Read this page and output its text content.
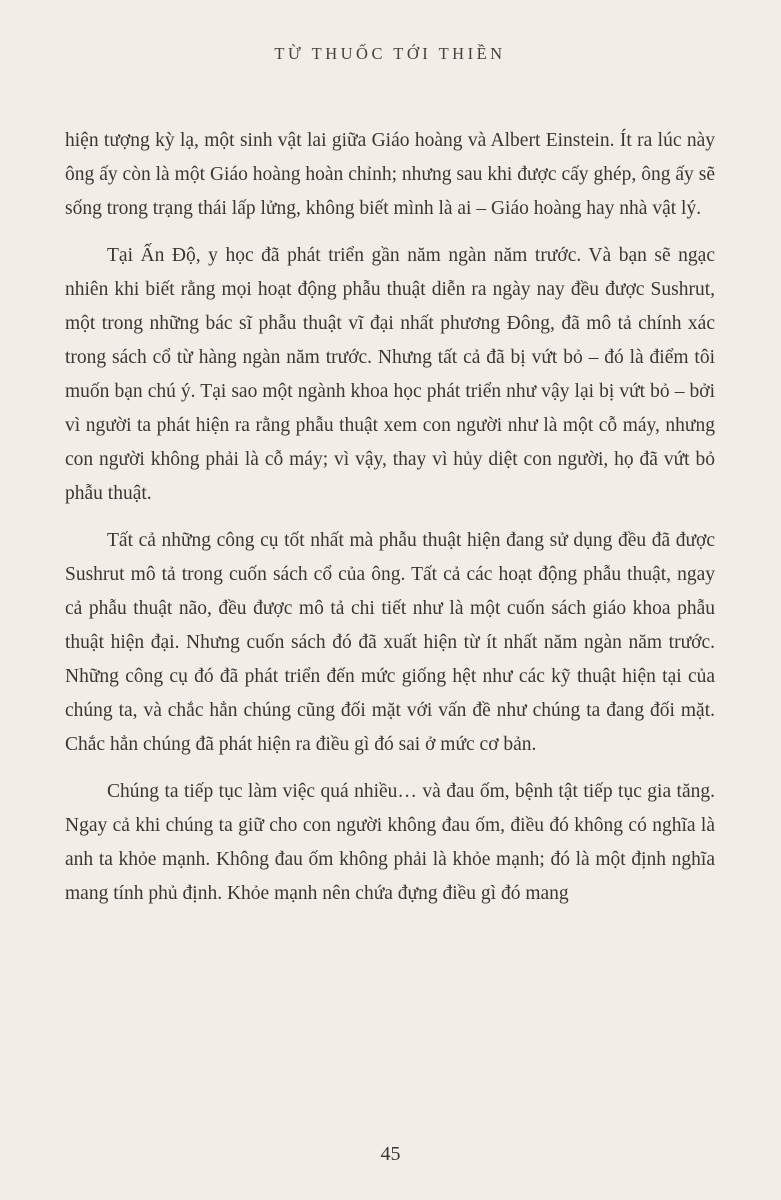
TỪ THUỐC TỚI THIỀN

hiện tượng kỳ lạ, một sinh vật lai giữa Giáo hoàng và Albert Einstein. Ít ra lúc này ông ấy còn là một Giáo hoàng hoàn chỉnh; nhưng sau khi được cấy ghép, ông ấy sẽ sống trong trạng thái lấp lửng, không biết mình là ai – Giáo hoàng hay nhà vật lý.

Tại Ấn Độ, y học đã phát triển gần năm ngàn năm trước. Và bạn sẽ ngạc nhiên khi biết rằng mọi hoạt động phẫu thuật diễn ra ngày nay đều được Sushrut, một trong những bác sĩ phẫu thuật vĩ đại nhất phương Đông, đã mô tả chính xác trong sách cổ từ hàng ngàn năm trước. Nhưng tất cả đã bị vứt bỏ – đó là điểm tôi muốn bạn chú ý. Tại sao một ngành khoa học phát triển như vậy lại bị vứt bỏ – bởi vì người ta phát hiện ra rằng phẫu thuật xem con người như là một cỗ máy, nhưng con người không phải là cỗ máy; vì vậy, thay vì hủy diệt con người, họ đã vứt bỏ phẫu thuật.

Tất cả những công cụ tốt nhất mà phẫu thuật hiện đang sử dụng đều đã được Sushrut mô tả trong cuốn sách cổ của ông. Tất cả các hoạt động phẫu thuật, ngay cả phẫu thuật não, đều được mô tả chi tiết như là một cuốn sách giáo khoa phẫu thuật hiện đại. Nhưng cuốn sách đó đã xuất hiện từ ít nhất năm ngàn năm trước. Những công cụ đó đã phát triển đến mức giống hệt như các kỹ thuật hiện tại của chúng ta, và chắc hẳn chúng cũng đối mặt với vấn đề như chúng ta đang đối mặt. Chắc hẳn chúng đã phát hiện ra điều gì đó sai ở mức cơ bản.

Chúng ta tiếp tục làm việc quá nhiều… và đau ốm, bệnh tật tiếp tục gia tăng. Ngay cả khi chúng ta giữ cho con người không đau ốm, điều đó không có nghĩa là anh ta khỏe mạnh. Không đau ốm không phải là khỏe mạnh; đó là một định nghĩa mang tính phủ định. Khỏe mạnh nên chứa đựng điều gì đó mang

45
